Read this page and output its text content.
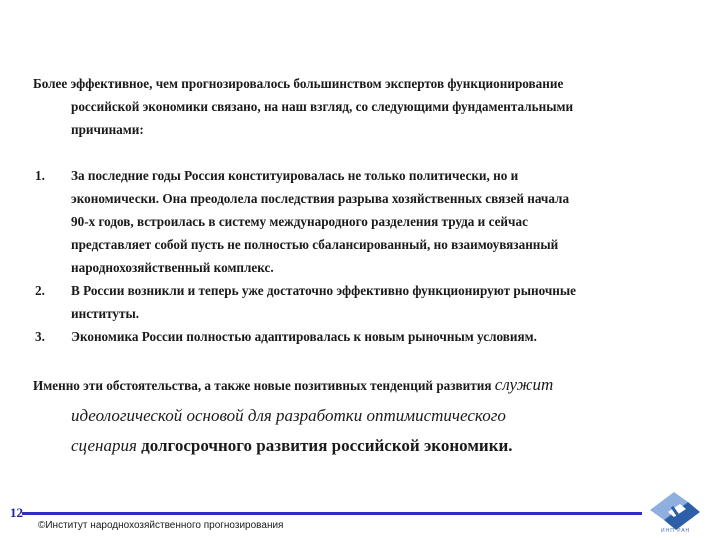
Более эффективное, чем прогнозировалось большинством экспертов функционирование
российской экономики связано, на наш взгляд, со следующими фундаментальными
причинами:
1. За последние годы Россия конституировалась не только политически, но и
экономически. Она преодолела последствия разрыва хозяйственных связей начала
90-х годов, встроилась в систему международного разделения труда и сейчас
представляет собой пусть не полностью сбалансированный, но взаимоувязанный
народнохозяйственный комплекс.
2. В России возникли и теперь уже достаточно эффективно функционируют рыночные
институты.
3. Экономика России полностью адаптировалась к новым рыночным условиям.
Именно эти обстоятельства, а также новые позитивных тенденций развития служит
идеологической основой для разработки оптимистического
сценария долгосрочного развития российской экономики.
12
©Институт народнохозяйственного прогнозирования	ИНП РАН
